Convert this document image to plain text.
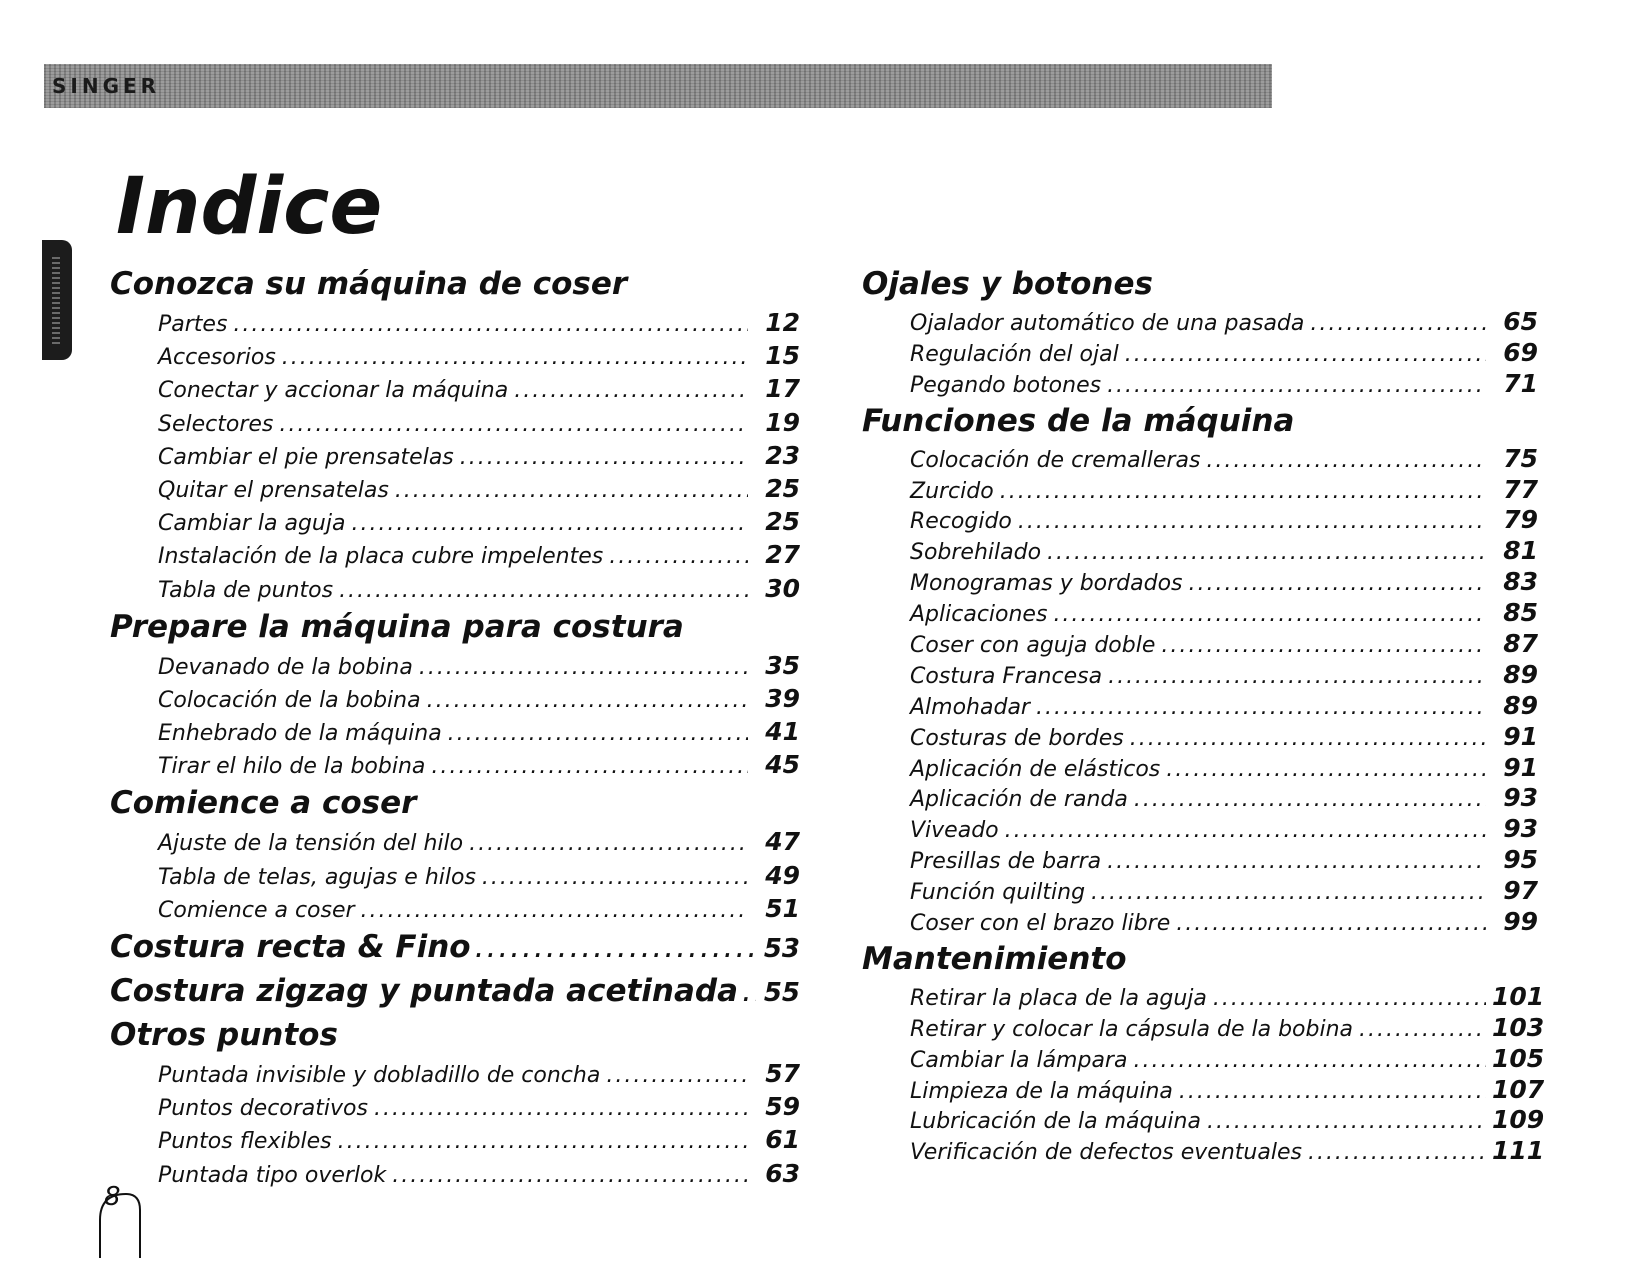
SINGER
Indice
Conozca su máquina de coser
Partes .....	12
Accesorios .....	15
Conectar y accionar la máquina .....	17
Selectores .....	19
Cambiar el pie prensatelas .....	23
Quitar el prensatelas .....	25
Cambiar la aguja .....	25
Instalación de la placa cubre impelentes .....	27
Tabla de puntos .....	30
Prepare la máquina para costura
Devanado de la bobina .....	35
Colocación de la bobina .....	39
Enhebrado de la máquina .....	41
Tirar el hilo de la bobina .....	45
Comience a coser
Ajuste de la tensión del hilo .....	47
Tabla de telas, agujas e hilos .....	49
Comience a coser .....	51
Costura recta & Fino .....	53
Costura zigzag y puntada acetinada ..... 55
Otros puntos
Puntada invisible y dobladillo de concha .....	57
Puntos decorativos .....	59
Puntos flexibles .....	61
Puntada tipo overlok .....	63
Ojales y botones
Ojalador automático de una pasada .....	65
Regulación del ojal .....	69
Pegando botones .....	71
Funciones de la máquina
Colocación de cremalleras .....	75
Zurcido .....	77
Recogido .....	79
Sobrehilado .....	81
Monogramas y bordados .....	83
Aplicaciones .....	85
Coser con aguja doble .....	87
Costura Francesa .....	89
Almohadar .....	89
Costuras de bordes .....	91
Aplicación de elásticos .....	91
Aplicación de randa .....	93
Viveado .....	93
Presillas de barra .....	95
Función quilting .....	97
Coser con el brazo libre .....	99
Mantenimiento
Retirar la placa de la aguja .....	101
Retirar y colocar la cápsula de la bobina .....	103
Cambiar la lámpara .....	105
Limpieza de la máquina .....	107
Lubricación de la máquina .....	109
Verificación de defectos eventuales .....	111
8
